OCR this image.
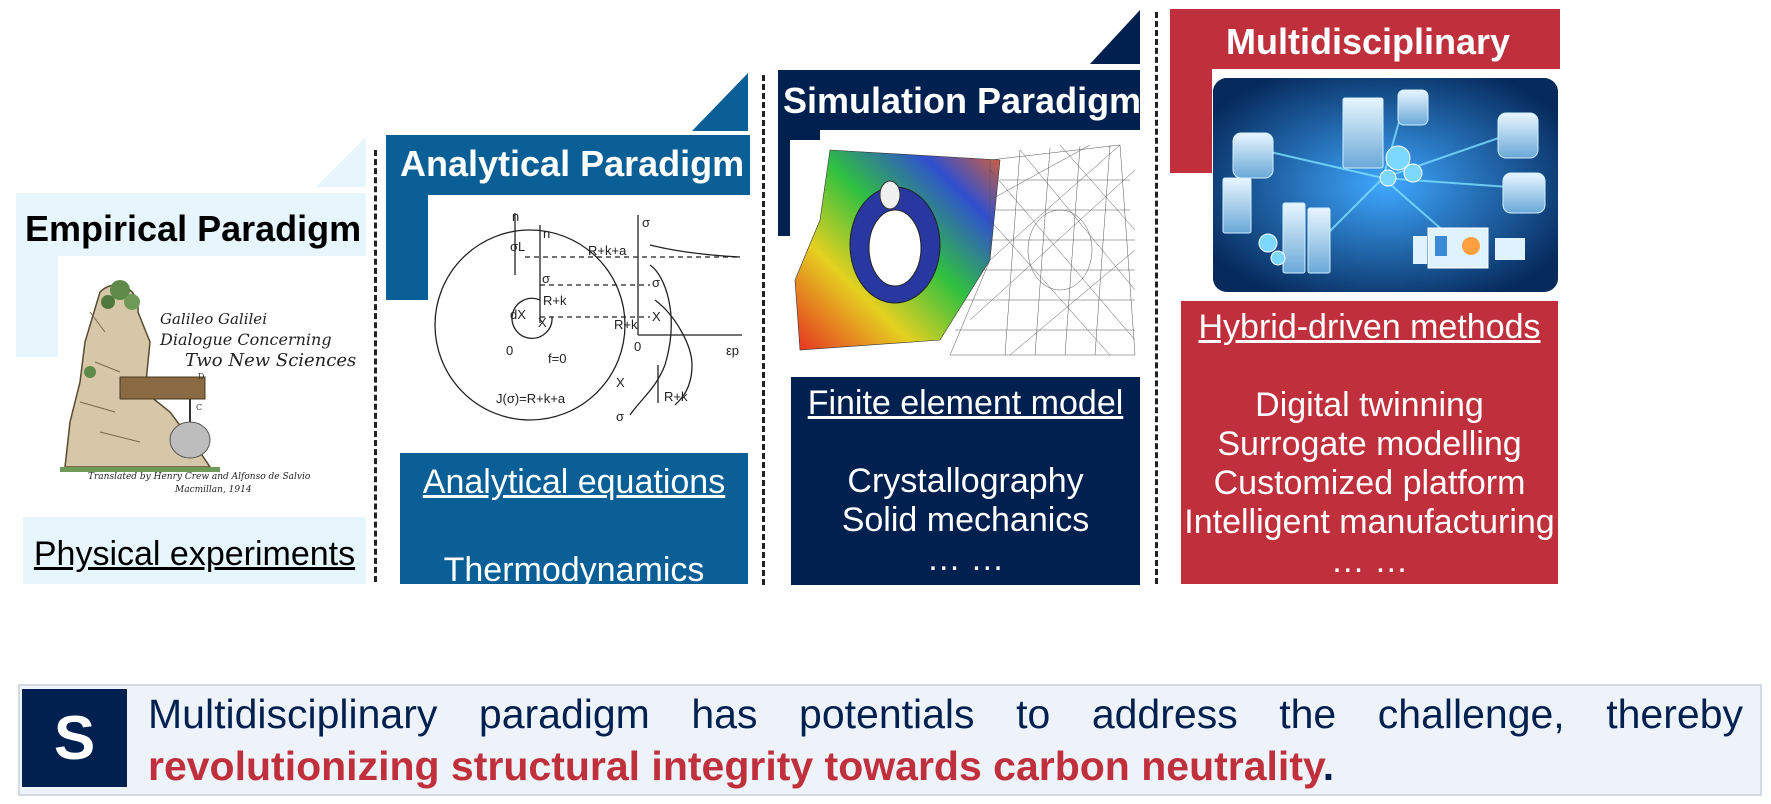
Empirical Paradigm
D
C
Galileo Galilei
Dialogue Concerning
Two New Sciences
Translated by Henry Crew and Alfonso de Salvio
Macmillan, 1914
Physical experiments
Analytical Paradigm
n
n
σL	R+k+a
σ
R+k
dX
X
0
f=0
J(σ)=R+k+a
σ
σ
R+k
X
0	εp
X
R+k
σ
Analytical equations

Thermodynamics
Simulation Paradigm
Finite element model

Crystallography
Solid mechanics
… …
Multidisciplinary
Hybrid-driven methods

Digital twinning
Surrogate modelling
Customized platform
Intelligent manufacturing
… …
S	Multidisciplinary paradigm has potentials to address the challenge, thereby revolutionizing structural integrity towards carbon neutrality.
